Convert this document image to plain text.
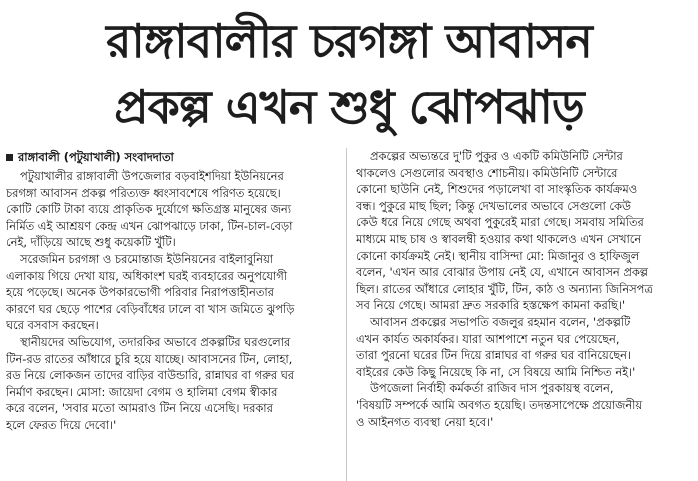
রাঙ্গাবালীর চরগঙ্গা আবাসন
প্রকল্প এখন শুধু ঝোপঝাড়
রাঙ্গাবালী (পটুয়াখালী) সংবাদদাতা
পটুয়াখালীর রাঙ্গাবালী উপজেলার বড়বাইশদিয়া ইউনিয়নের
চরগঙ্গা আবাসন প্রকল্প পরিত্যক্ত ধ্বংসাবশেষে পরিণত হয়েছে।
কোটি কোটি টাকা ব্যয়ে প্রাকৃতিক দুর্যোগে ক্ষতিগ্রস্ত মানুষের জন্য
নির্মিত এই আশ্রয়ণ কেন্দ্র এখন ঝোপঝাড়ে ঢাকা, টিন-চাল-বেড়া
নেই, দাঁড়িয়ে আছে শুধু কয়েকটি খুঁটি।
সরেজমিন চরগঙ্গা ও চরমোন্তাজ ইউনিয়নের বাইলাবুনিয়া
এলাকায় গিয়ে দেখা যায়, অধিকাংশ ঘরই ব্যবহারের অনুপযোগী
হয়ে পড়েছে। অনেক উপকারভোগী পরিবার নিরাপত্তাহীনতার
কারণে ঘর ছেড়ে পাশের বেড়িবাঁধের ঢালে বা খাস জমিতে ঝুপড়ি
ঘরে বসবাস করছেন।
স্থানীয়দের অভিযোগ, তদারকির অভাবে প্রকল্পটির ঘরগুলোর
টিন-রড রাতের আঁধারে চুরি হয়ে যাচ্ছে। আবাসনের টিন, লোহা,
রড নিয়ে লোকজন তাদের বাড়ির বাউন্ডারি, রান্নাঘর বা গরুর ঘর
নির্মাণ করছেন। মোসা: জায়েদা বেগম ও হালিমা বেগম স্বীকার
করে বলেন, 'সবার মতো আমরাও টিন নিয়ে এসেছি। দরকার
হলে ফেরত দিয়ে দেবো।'
প্রকল্পের অভ্যন্তরে দু'টি পুকুর ও একটি কমিউনিটি সেন্টার
থাকলেও সেগুলোর অবস্থাও শোচনীয়। কমিউনিটি সেন্টারে
কোনো ছাউনি নেই, শিশুদের পড়ালেখা বা সাংস্কৃতিক কার্যক্রমও
বন্ধ। পুকুরে মাছ ছিল; কিন্তু দেখভালের অভাবে সেগুলো কেউ
কেউ ধরে নিয়ে গেছে অথবা পুকুরেই মারা গেছে। সমবায় সমিতির
মাধ্যমে মাছ চাষ ও স্বাবলম্বী হওয়ার কথা থাকলেও এখন সেখানে
কোনো কার্যক্রমই নেই। স্থানীয় বাসিন্দা মো: মিজানুর ও হাফিজুল
বলেন, 'এখন আর বোঝার উপায় নেই যে, এখানে আবাসন প্রকল্প
ছিল। রাতের আঁধারে লোহার খুঁটি, টিন, কাঠ ও অন্যান্য জিনিসপত্র
সব নিয়ে গেছে। আমরা দ্রুত সরকারি হস্তক্ষেপ কামনা করছি।'
আবাসন প্রকল্পের সভাপতি বজলুর রহমান বলেন, 'প্রকল্পটি
এখন কার্যত অকার্যকর। যারা আশপাশে নতুন ঘর পেয়েছেন,
তারা পুরনো ঘরের টিন দিয়ে রান্নাঘর বা গরুর ঘর বানিয়েছেন।
বাইরের কেউ কিছু নিয়েছে কি না, সে বিষয়ে আমি নিশ্চিত নই।'
উপজেলা নির্বাহী কর্মকর্তা রাজিব দাস পুরকায়স্থ বলেন,
'বিষয়টি সম্পর্কে আমি অবগত হয়েছি। তদন্তসাপেক্ষে প্রয়োজনীয়
ও আইনগত ব্যবস্থা নেয়া হবে।'
